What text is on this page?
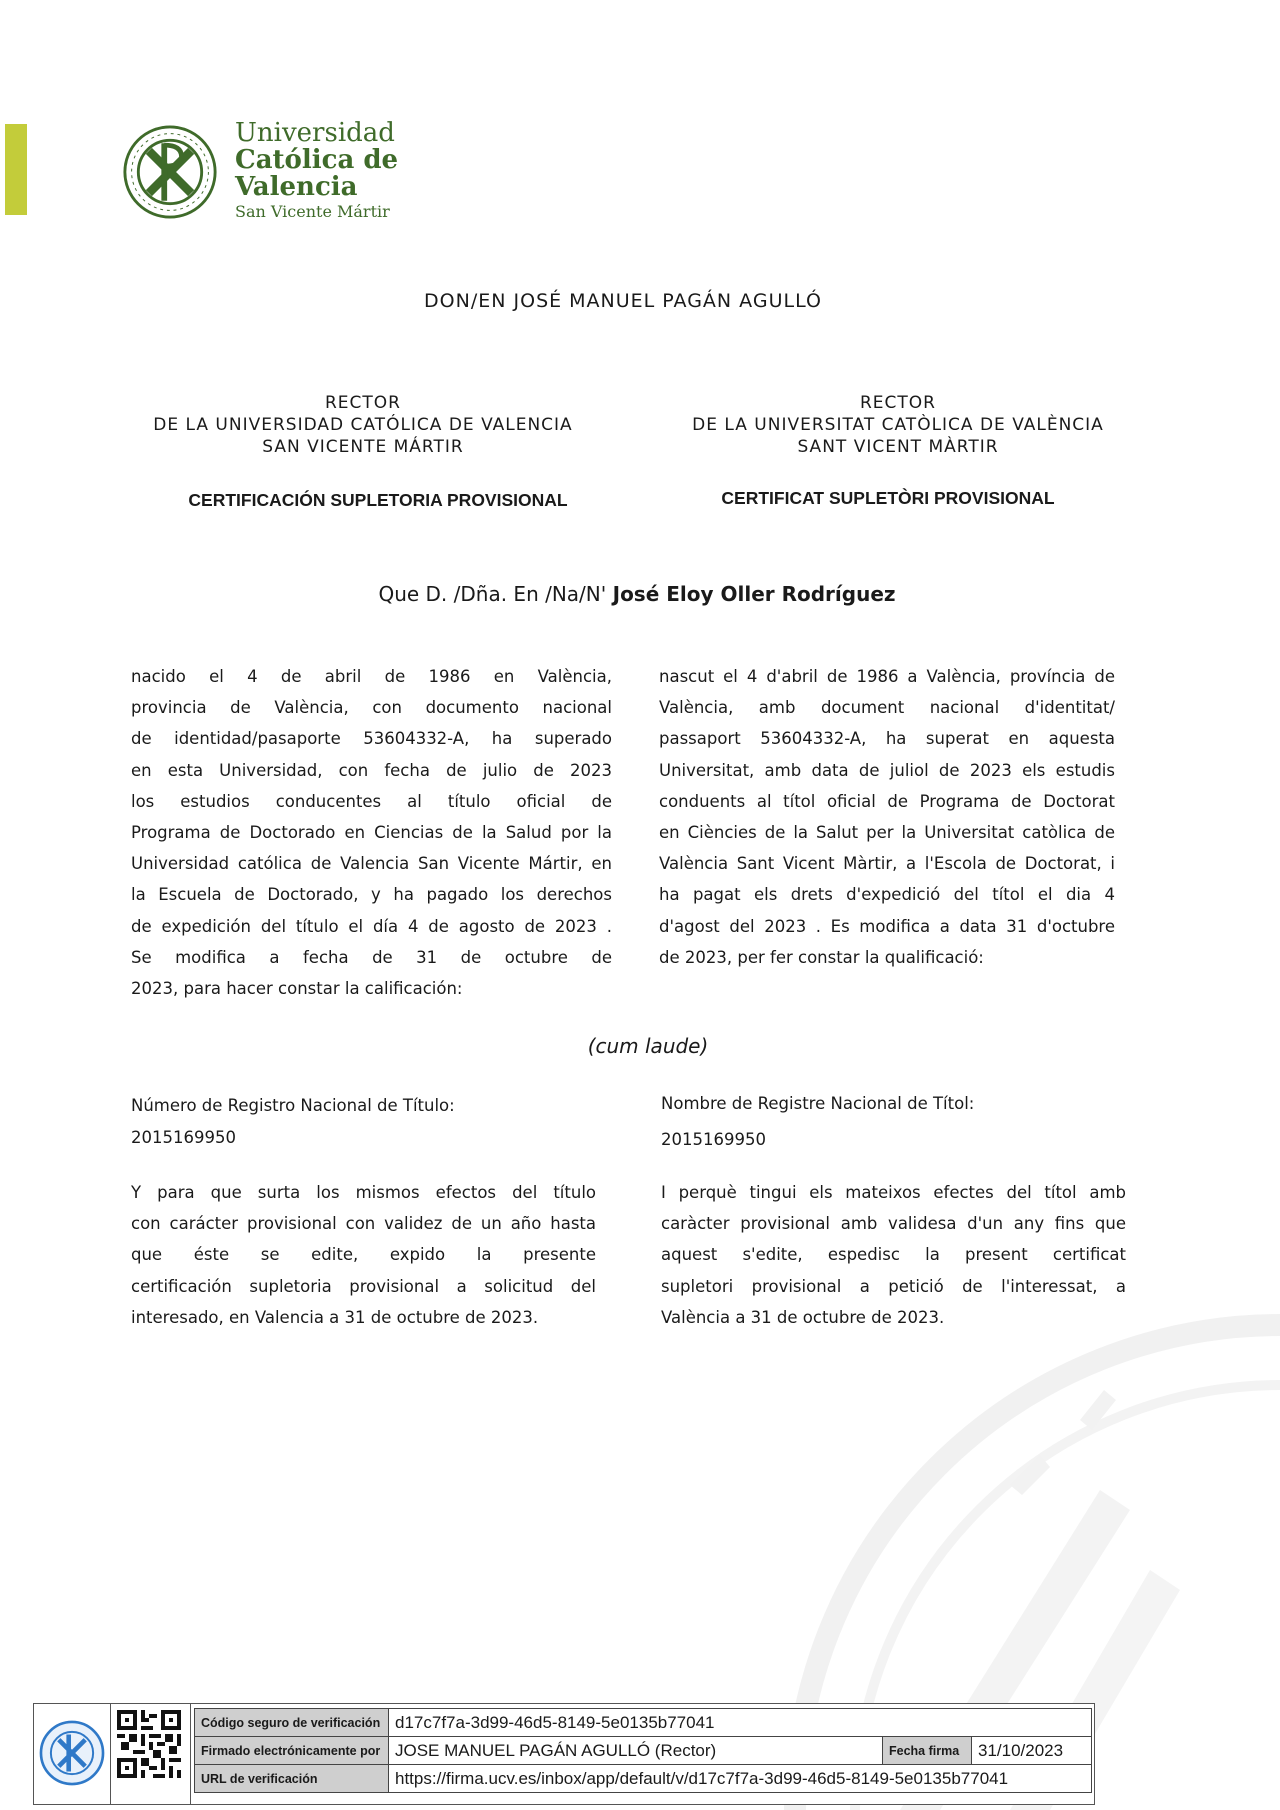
Universidad
Católica de
Valencia
San Vicente Mártir
DON/EN JOSÉ MANUEL PAGÁN AGULLÓ
RECTOR
DE LA UNIVERSIDAD CATÓLICA DE VALENCIA
SAN VICENTE MÁRTIR
RECTOR
DE LA UNIVERSITAT CATÒLICA DE VALÈNCIA
SANT VICENT MÀRTIR
CERTIFICACIÓN SUPLETORIA PROVISIONAL	CERTIFICAT SUPLETÒRI PROVISIONAL
Que D. /Dña. En /Na/N' José Eloy Oller Rodríguez
nacido el 4 de abril de 1986 en València,
provincia de València, con documento nacional
de identidad/pasaporte 53604332-A, ha superado
en esta Universidad, con fecha de julio de 2023
los estudios conducentes al título oficial de
Programa de Doctorado en Ciencias de la Salud por la
Universidad católica de Valencia San Vicente Mártir, en
la Escuela de Doctorado, y ha pagado los derechos
de expedición del título el día 4 de agosto de 2023 .
Se modifica a fecha de 31 de octubre de
2023, para hacer constar la calificación:
nascut el 4 d'abril de 1986 a València, província de
València, amb document nacional d'identitat/
passaport 53604332-A, ha superat en aquesta
Universitat, amb data de juliol de 2023 els estudis
conduents al títol oficial de Programa de Doctorat
en Ciències de la Salut per la Universitat catòlica de
València Sant Vicent Màrtir, a l'Escola de Doctorat, i
ha pagat els drets d'expedició del títol el dia 4
d'agost del 2023 . Es modifica a data 31 d'octubre
de 2023, per fer constar la qualificació:
(cum laude)
Número de Registro Nacional de Título:
2015169950
Nombre de Registre Nacional de Títol:
2015169950
Y para que surta los mismos efectos del título
con carácter provisional con validez de un año hasta
que éste se edite, expido la presente
certificación supletoria provisional a solicitud del
interesado, en Valencia a 31 de octubre de 2023.
I perquè tingui els mateixos efectes del títol amb
caràcter provisional amb validesa d'un any fins que
aquest s'edite, espedisc la present certificat
supletori provisional a petició de l'interessat, a
València a 31 de octubre de 2023.
Código seguro de verificación d17c7f7a-3d99-46d5-8149-5e0135b77041
Firmado electrónicamente por JOSE MANUEL PAGÁN AGULLÓ (Rector)	Fecha firma	31/10/2023
URL de verificación	https://firma.ucv.es/inbox/app/default/v/d17c7f7a-3d99-46d5-8149-5e0135b77041
